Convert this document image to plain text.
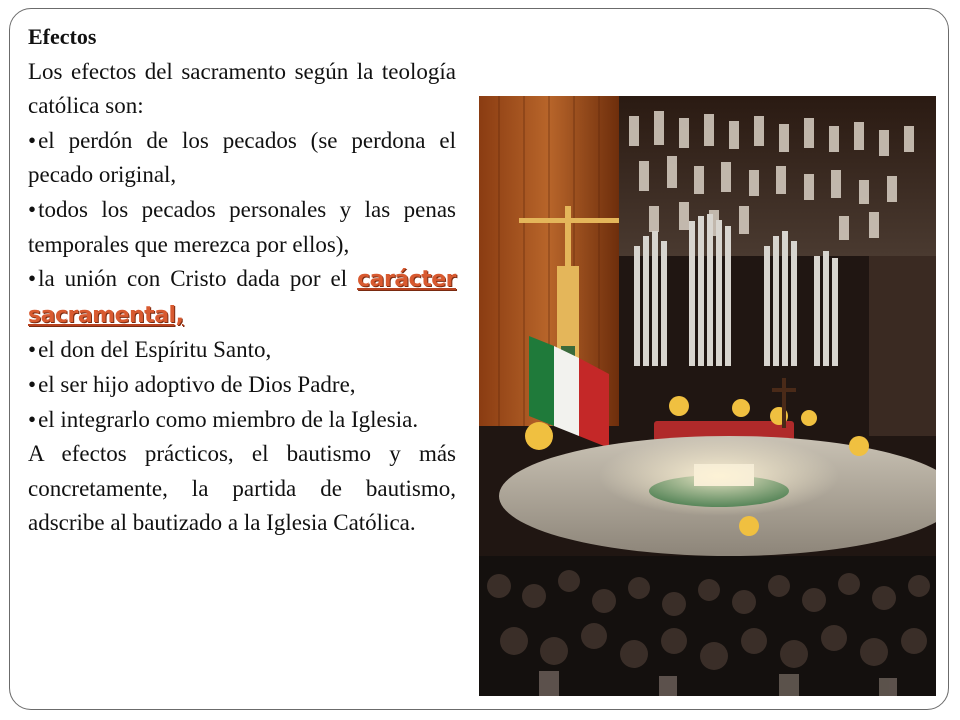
Efectos

Los efectos del sacramento según la teología católica son:

• el perdón de los pecados (se perdona el pecado original,

• todos los pecados personales y las penas temporales que merezca por ellos),

• la unión con Cristo dada por el carácter sacramental,

• el don del Espíritu Santo,

• el ser hijo adoptivo de Dios Padre,

• el integrarlo como miembro de la Iglesia.

A efectos prácticos, el bautismo y más concretamente, la partida de bautismo, adscribe al bautizado a la Iglesia Católica.
